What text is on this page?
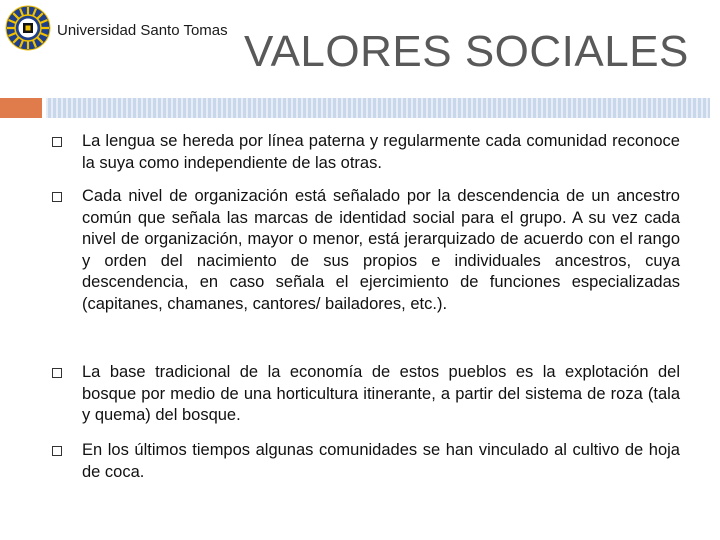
Universidad Santo Tomas VALORES SOCIALES
La lengua se hereda por línea paterna y regularmente cada comunidad reconoce la suya como independiente de las otras.
Cada nivel de organización está señalado por la descendencia de un ancestro común que señala las marcas de identidad social para el grupo. A su vez cada nivel de organización, mayor o menor, está jerarquizado de acuerdo con el rango y orden del nacimiento de sus propios e individuales ancestros, cuya descendencia, en caso señala el ejercimiento de funciones especializadas (capitanes, chamanes, cantores/ bailadores, etc.).
La base tradicional de la economía de estos pueblos es la explotación del bosque por medio de una horticultura itinerante, a partir del sistema de roza (tala y quema) del bosque.
En los últimos tiempos algunas comunidades se han vinculado al cultivo de hoja de coca.
